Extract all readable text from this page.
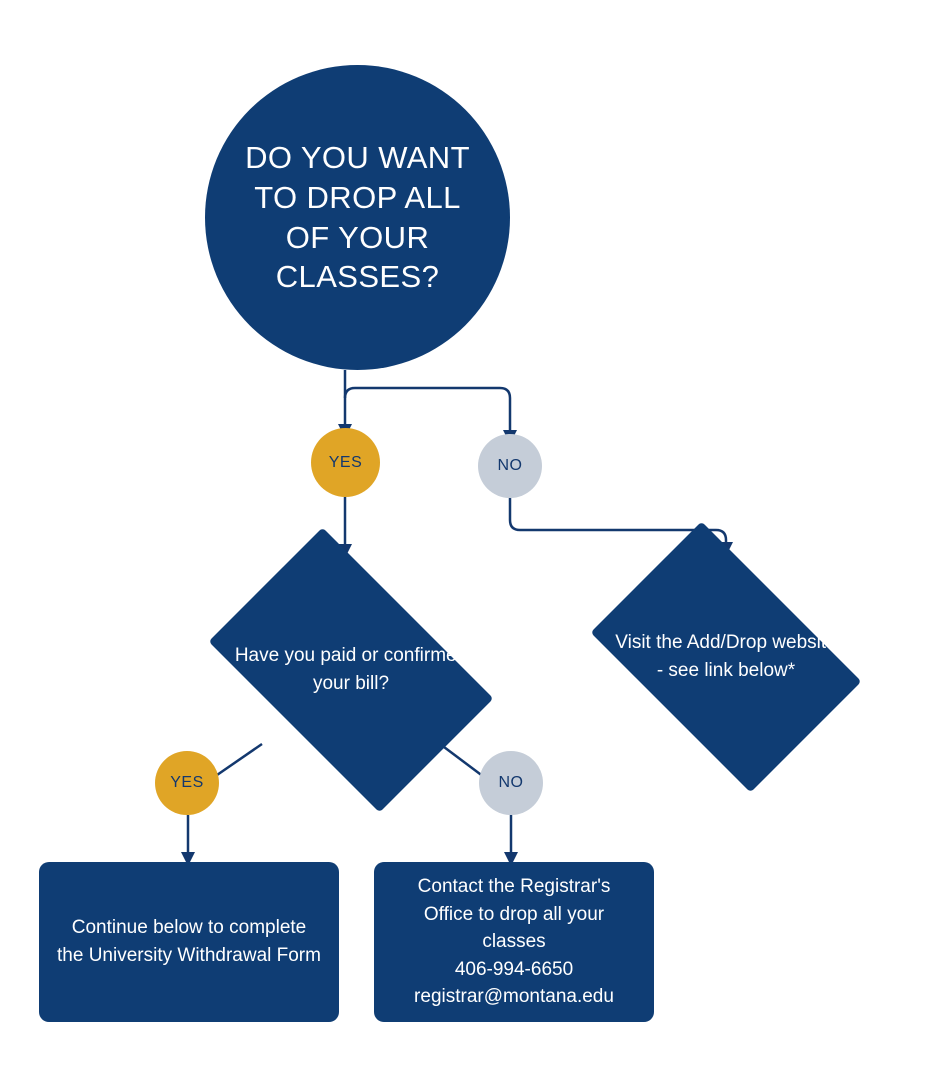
DO YOU WANT TO DROP ALL OF YOUR CLASSES?
YES	NO
Have you paid or confirmed your bill?
Visit the Add/Drop website - see link below*
YES	NO
Continue below to complete the University Withdrawal Form
Contact the Registrar's Office to drop all your classes
406-994-6650
registrar@montana.edu
